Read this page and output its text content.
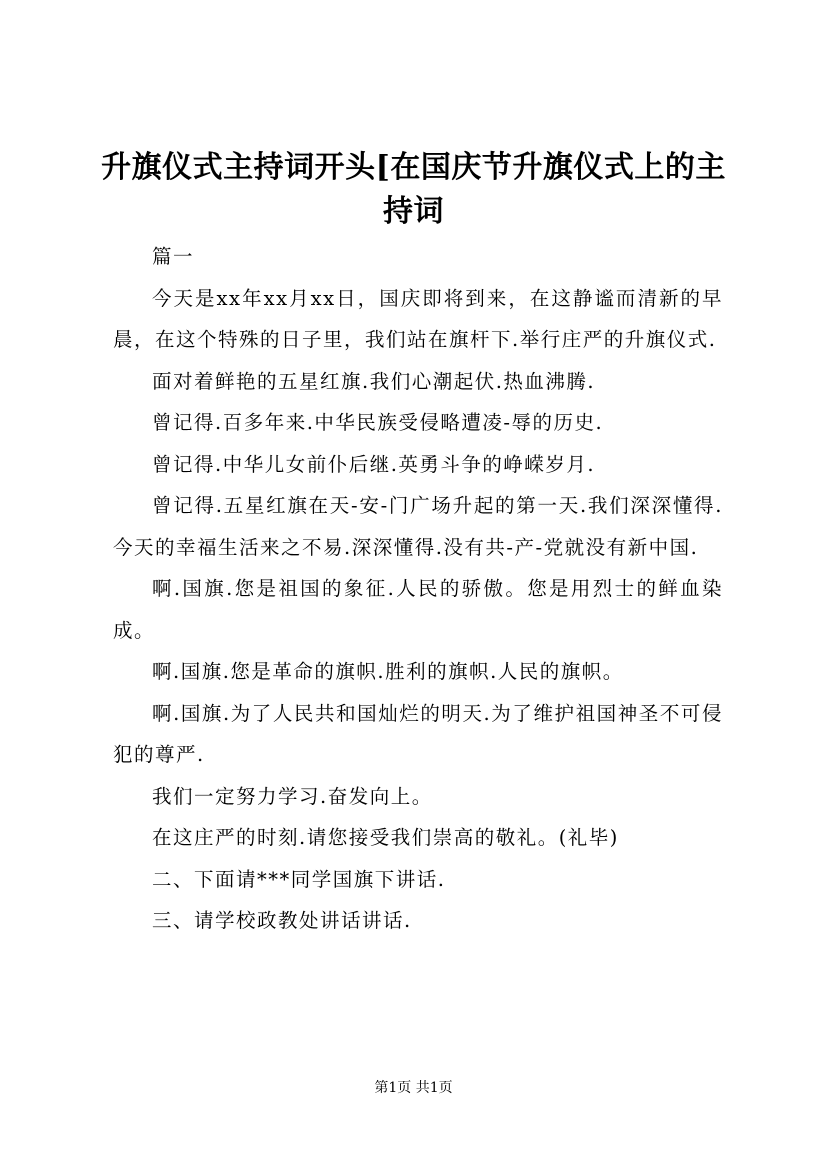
升旗仪式主持词开头[在国庆节升旗仪式上的主持词

篇一

今天是xx年xx月xx日，国庆即将到来，在这静谧而清新的早晨，在这个特殊的日子里，我们站在旗杆下.举行庄严的升旗仪式.

面对着鲜艳的五星红旗.我们心潮起伏.热血沸腾.

曾记得.百多年来.中华民族受侵略遭凌-辱的历史.

曾记得.中华儿女前仆后继.英勇斗争的峥嵘岁月.

曾记得.五星红旗在天-安-门广场升起的第一天.我们深深懂得.今天的幸福生活来之不易.深深懂得.没有共-产-党就没有新中国.

啊.国旗.您是祖国的象征.人民的骄傲。您是用烈士的鲜血染成。

啊.国旗.您是革命的旗帜.胜利的旗帜.人民的旗帜。

啊.国旗.为了人民共和国灿烂的明天.为了维护祖国神圣不可侵犯的尊严.

我们一定努力学习.奋发向上。

在这庄严的时刻.请您接受我们崇高的敬礼。(礼毕)

二、下面请***同学国旗下讲话.

三、请学校政教处讲话讲话.

第1页 共1页
